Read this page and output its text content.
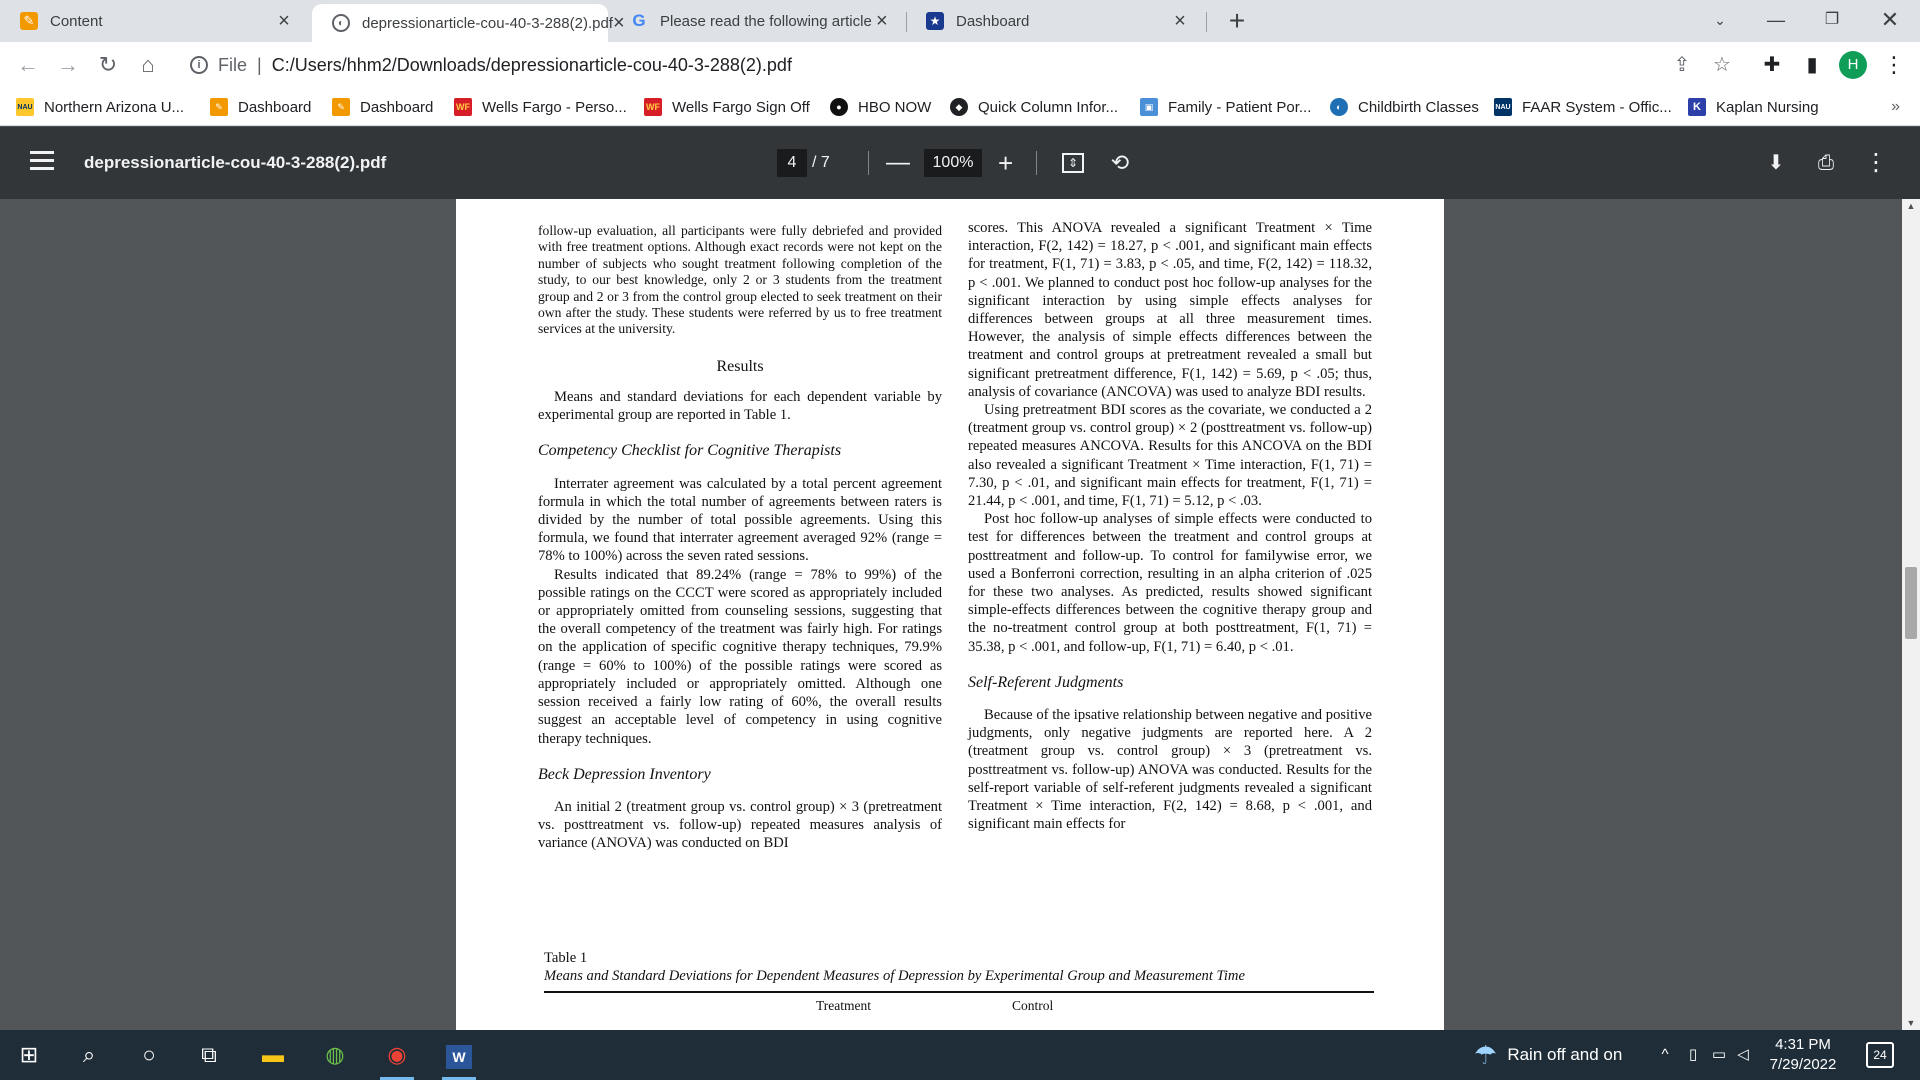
✎ Content	×	◐	depressionarticle-cou-40-3-288(2).pdf × G Please read the following article ×	★ Dashboard	×	+	⌄	—	❐	✕
← → ↻	⌂	i File | C:/Users/hhm2/Downloads/depressionarticle-cou-40-3-288(2).pdf	⇪ ☆ ✚	▮	⋮
H
NAU Northern Arizona U...	✎	Dashboard	✎	Dashboard	WF Wells Fargo - Perso... WF Wells Fargo Sign Off	●	HBO NOW	◆	Quick Column Infor...	▣ Family - Patient Por...	◐	Childbirth Classes NAU FAAR System - Offic...	K	Kaplan Nursing	»
depressionarticle-cou-40-3-288(2).pdf	4 / 7 —	100% +	⇕ ⟲	⬇	⎙ ⋮

follow-up evaluation, all participants were fully debriefed and provided with free treatment options. Although exact records were not kept on the number of subjects who sought treatment following completion of the study, to our best knowledge, only 2 or 3 students from the treatment group and 2 or 3 from the control group elected to seek treatment on their own after the study. These students were referred by us to free treatment services at the university.

Results

Means and standard deviations for each dependent variable by experimental group are reported in Table 1.

Competency Checklist for Cognitive Therapists

Interrater agreement was calculated by a total percent agreement formula in which the total number of agreements between raters is divided by the number of total possible agreements. Using this formula, we found that interrater agreement averaged 92% (range = 78% to 100%) across the seven rated sessions.

Results indicated that 89.24% (range = 78% to 99%) of the possible ratings on the CCCT were scored as appropriately included or appropriately omitted from counseling sessions, suggesting that the overall competency of the treatment was fairly high. For ratings on the application of specific cognitive therapy techniques, 79.9% (range = 60% to 100%) of the possible ratings were scored as appropriately included or appropriately omitted. Although one session received a fairly low rating of 60%, the overall results suggest an acceptable level of competency in using cognitive therapy techniques.

Beck Depression Inventory

An initial 2 (treatment group vs. control group) × 3 (pretreatment vs. posttreatment vs. follow-up) repeated measures analysis of variance (ANOVA) was conducted on BDI

scores. This ANOVA revealed a significant Treatment × Time interaction, F(2, 142) = 18.27, p < .001, and significant main effects for treatment, F(1, 71) = 3.83, p < .05, and time, F(2, 142) = 118.32, p < .001. We planned to conduct post hoc follow-up analyses for the significant interaction by using simple effects analyses for differences between groups at all three measurement times. However, the analysis of simple effects differences between the treatment and control groups at pretreatment revealed a small but significant pretreatment difference, F(1, 142) = 5.69, p < .05; thus, analysis of covariance (ANCOVA) was used to analyze BDI results.

Using pretreatment BDI scores as the covariate, we conducted a 2 (treatment group vs. control group) × 2 (posttreatment vs. follow-up) repeated measures ANCOVA. Results for this ANCOVA on the BDI also revealed a significant Treatment × Time interaction, F(1, 71) = 7.30, p < .01, and significant main effects for treatment, F(1, 71) = 21.44, p < .001, and time, F(1, 71) = 5.12, p < .03.

Post hoc follow-up analyses of simple effects were conducted to test for differences between the treatment and control groups at posttreatment and follow-up. To control for familywise error, we used a Bonferroni correction, resulting in an alpha criterion of .025 for these two analyses. As predicted, results showed significant simple-effects differences between the cognitive therapy group and the no-treatment control group at both posttreatment, F(1, 71) = 35.38, p < .001, and follow-up, F(1, 71) = 6.40, p < .01.

Self-Referent Judgments

Because of the ipsative relationship between negative and positive judgments, only negative judgments are reported here. A 2 (treatment group vs. control group) × 3 (pretreatment vs. posttreatment vs. follow-up) ANOVA was conducted. Results for the self-report variable of self-referent judgments revealed a significant Treatment × Time interaction, F(2, 142) = 8.68, p < .001, and significant main effects for

Table 1
Means and Standard Deviations for Dependent Measures of Depression by Experimental Group and Measurement Time
Treatment	Control
▲
▼
⊞	⌕	○	⧉	▬	◍	◉	W	☂ Rain off and on	^	▯ ▭ ◁
4:31 PM
7/29/2022
24
